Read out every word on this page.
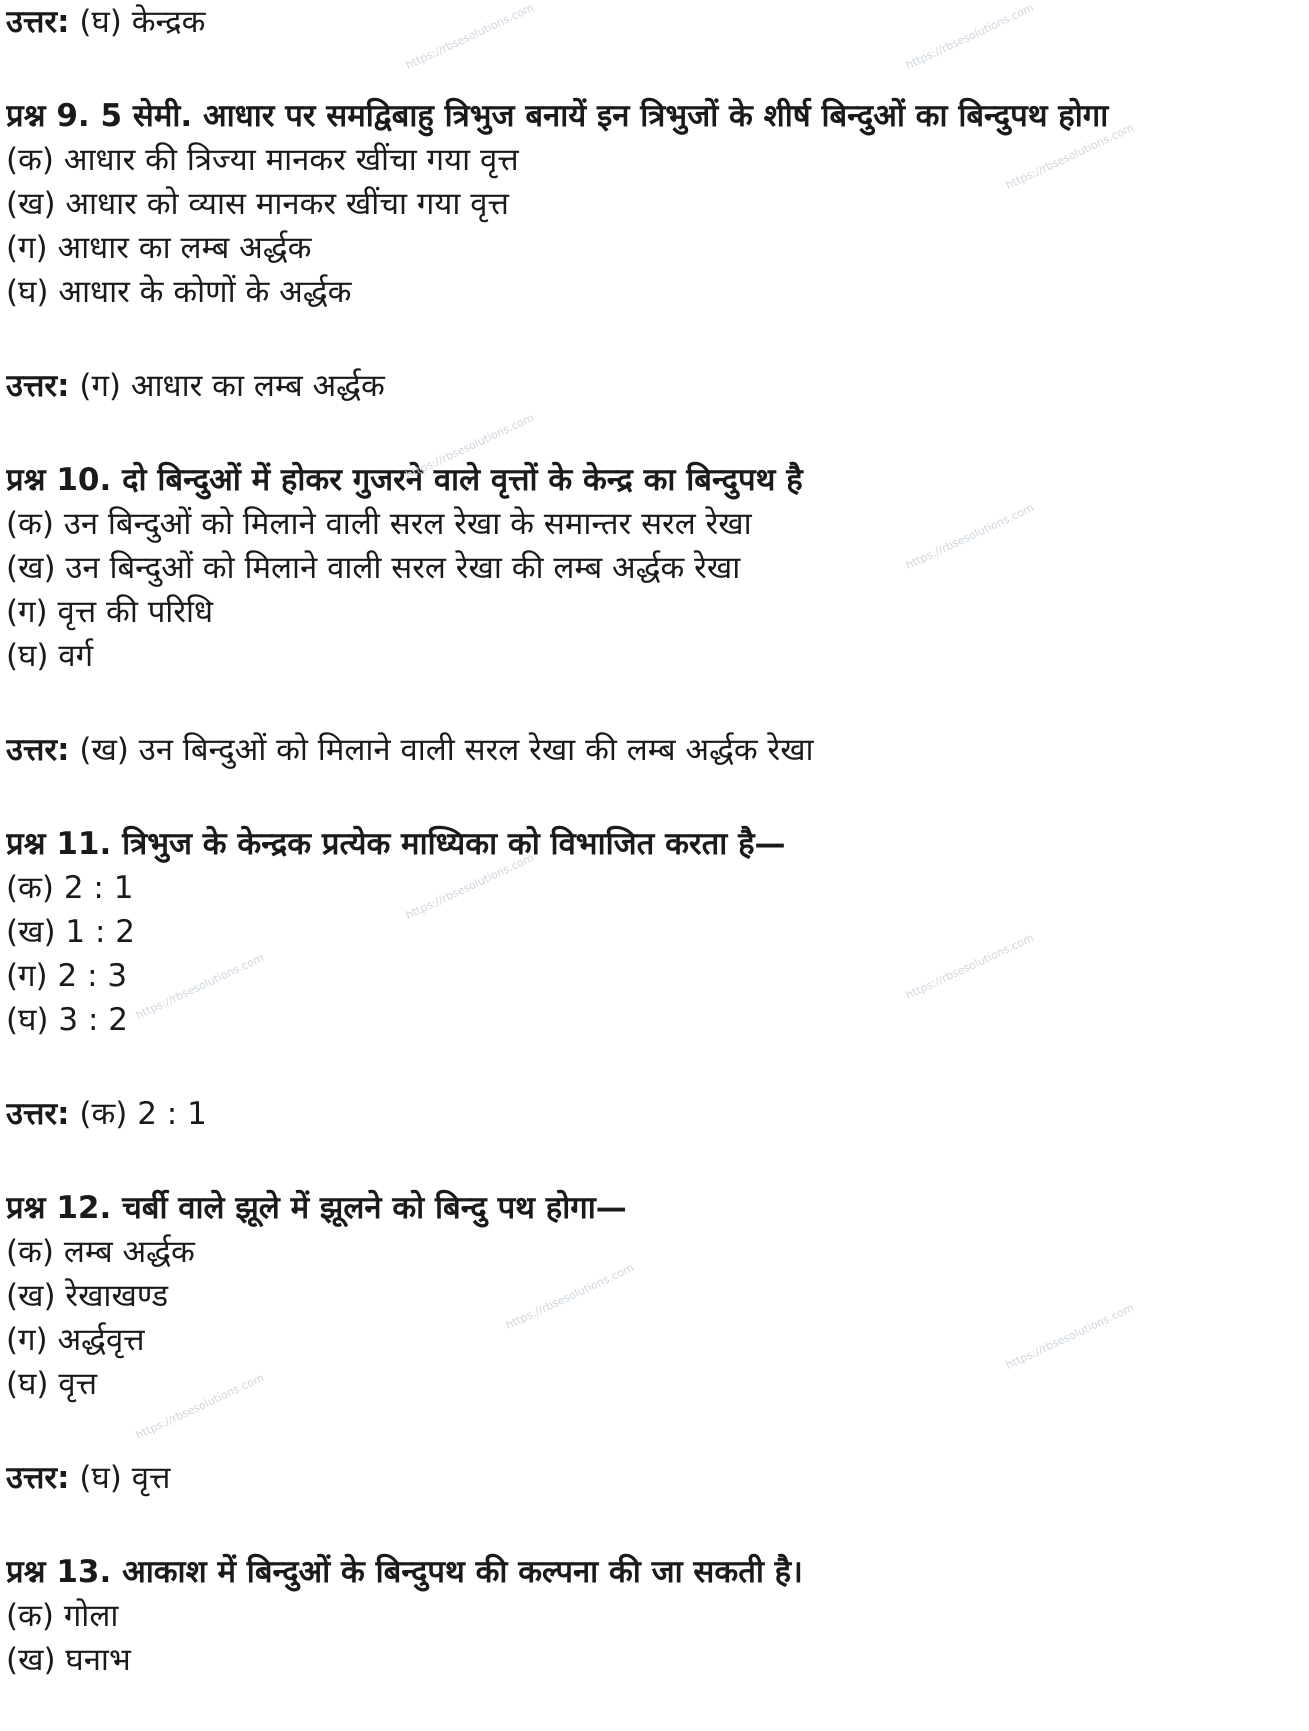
उत्तर: (घ) केन्द्रक
प्रश्न 9. 5 सेमी. आधार पर समद्विबाहु त्रिभुज बनायें इन त्रिभुजों के शीर्ष बिन्दुओं का बिन्दुपथ होगा
(क) आधार की त्रिज्या मानकर खींचा गया वृत्त
(ख) आधार को व्यास मानकर खींचा गया वृत्त
(ग) आधार का लम्ब अर्द्धक
(घ) आधार के कोणों के अर्द्धक
उत्तर: (ग) आधार का लम्ब अर्द्धक
प्रश्न 10. दो बिन्दुओं में होकर गुजरने वाले वृत्तों के केन्द्र का बिन्दुपथ है
(क) उन बिन्दुओं को मिलाने वाली सरल रेखा के समान्तर सरल रेखा
(ख) उन बिन्दुओं को मिलाने वाली सरल रेखा की लम्ब अर्द्धक रेखा
(ग) वृत्त की परिधि
(घ) वर्ग
उत्तर: (ख) उन बिन्दुओं को मिलाने वाली सरल रेखा की लम्ब अर्द्धक रेखा
प्रश्न 11. त्रिभुज के केन्द्रक प्रत्येक माध्यिका को विभाजित करता है—
(क) 2 : 1
(ख) 1 : 2
(ग) 2 : 3
(घ) 3 : 2
उत्तर: (क) 2 : 1
प्रश्न 12. चर्बी वाले झूले में झूलने को बिन्दु पथ होगा—
(क) लम्ब अर्द्धक
(ख) रेखाखण्ड
(ग) अर्द्धवृत्त
(घ) वृत्त
उत्तर: (घ) वृत्त
प्रश्न 13. आकाश में बिन्दुओं के बिन्दुपथ की कल्पना की जा सकती है।
(क) गोला
(ख) घनाभ
https://rbsesolutions.com	https://rbsesolutions.com
https://rbsesolutions.com
https://rbsesolutions.com
https://rbsesolutions.com
https://rbsesolutions.com
https://rbsesolutions.com
https://rbsesolutions.com
https://rbsesolutions.com
https://rbsesolutions.com
https://rbsesolutions.com
